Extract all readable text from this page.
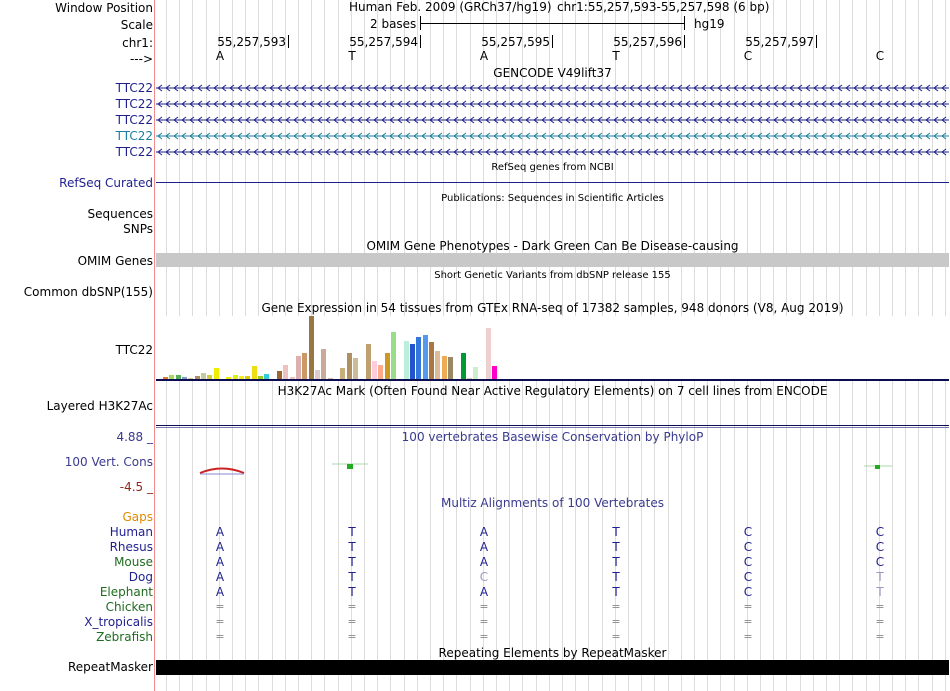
Window Position
Scale
chr1:
--->
Human Feb. 2009 (GRCh37/hg19) chr1:55,257,593-55,257,598 (6 bp)
2 bases	hg19
55,257,593	55,257,594	55,257,595	55,257,596	55,257,597
A	T	A	T	C	C
GENCODE V49lift37
TTC22
TTC22
TTC22
TTC22
TTC22
RefSeq genes from NCBI
RefSeq Curated
Publications: Sequences in Scientific Articles
Sequences
SNPs
OMIM Gene Phenotypes - Dark Green Can Be Disease-causing
OMIM Genes
Short Genetic Variants from dbSNP release 155
Common dbSNP(155)
Gene Expression in 54 tissues from GTEx RNA-seq of 17382 samples, 948 donors (V8, Aug 2019)
TTC22
H3K27Ac Mark (Often Found Near Active Regulatory Elements) on 7 cell lines from ENCODE
Layered H3K27Ac
100 vertebrates Basewise Conservation by PhyloP
4.88 _
100 Vert. Cons
-4.5 _
Multiz Alignments of 100 Vertebrates
Gaps
Human	A	T	A	T	C	C
Rhesus	A	T	A	T	C	C
Mouse	A	T	A	T	C	C
Dog	A	T	C	T	C	T
Elephant	A	T	A	T	C	T
Chicken	=	=	=	=	=	=
X_tropicalis	=	=	=	=	=	=
Zebrafish	=	=	=	=	=	=
Repeating Elements by RepeatMasker
RepeatMasker
